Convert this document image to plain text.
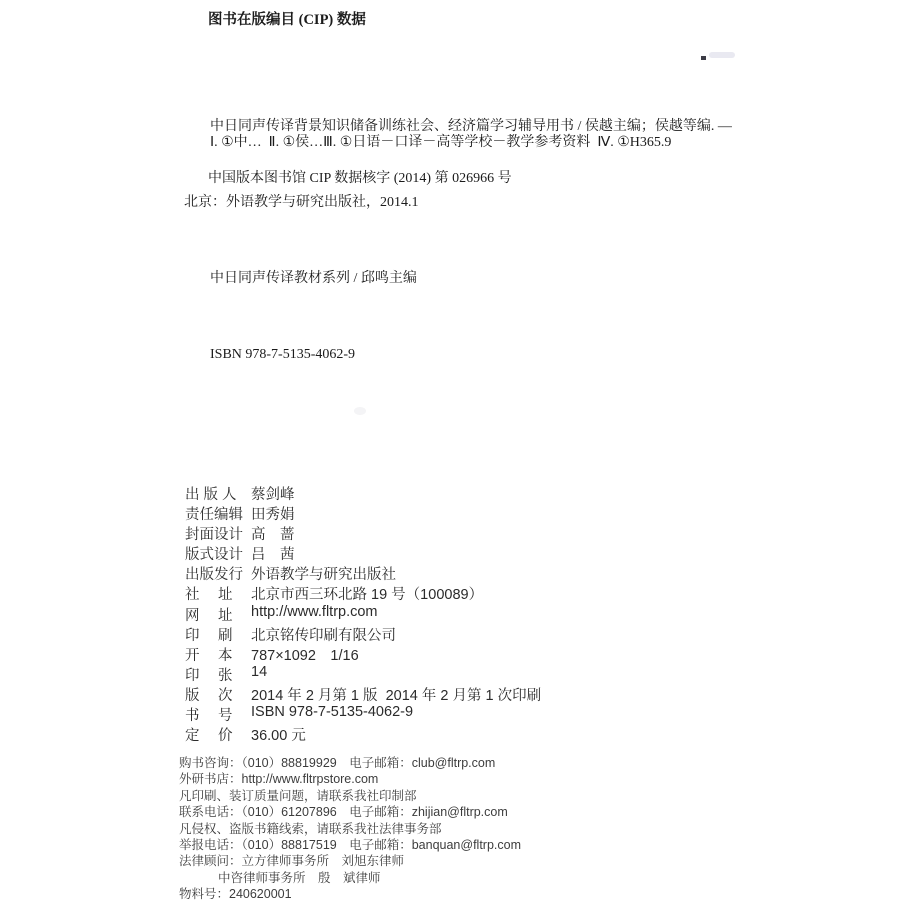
图书在版编目 (CIP) 数据

中日同声传译背景知识储备训练社会、经济篇学习辅导用书 / 侯越主编；侯越等编. —

北京：外语教学与研究出版社，2014.1

中日同声传译教材系列 / 邱鸣主编

ISBN 978-7-5135-4062-9

Ⅰ. ①中…  Ⅱ. ①侯…Ⅲ. ①日语－口译－高等学校－教学参考资料  Ⅳ. ①H365.9
中国版本图书馆 CIP 数据核字 (2014) 第 026966 号
出 版 人 蔡剑峰
责任编辑 田秀娟
封面设计 高　蔷
版式设计 吕　茜
出版发行 外语教学与研究出版社
社　 址	北京市西三环北路 19 号（100089）
网　 址	http://www.fltrp.com
印　 刷	北京铭传印刷有限公司
开　 本	787×1092　1/16
印　 张	14
版　 次	2014 年 2 月第 1 版  2014 年 2 月第 1 次印刷
书　 号	ISBN 978-7-5135-4062-9
定　 价	36.00 元
购书咨询：（010）88819929　电子邮箱：club@fltrp.com
外研书店：http://www.fltrpstore.com
凡印刷、装订质量问题，请联系我社印制部
联系电话：（010）61207896　电子邮箱：zhijian@fltrp.com
凡侵权、盗版书籍线索，请联系我社法律事务部
举报电话：（010）88817519　电子邮箱：banquan@fltrp.com
法律顾问：立方律师事务所　刘旭东律师
中咨律师事务所　殷　斌律师
物料号：240620001
